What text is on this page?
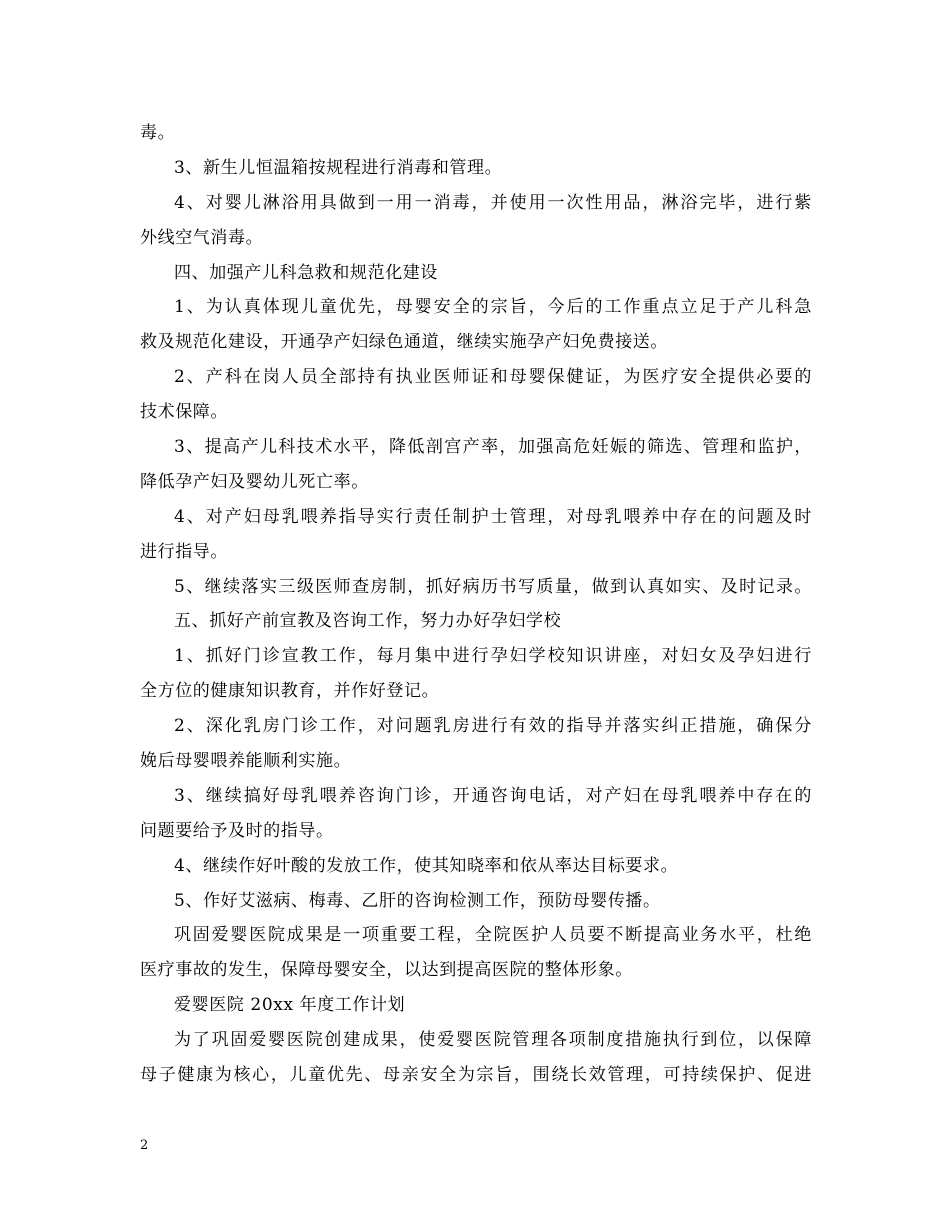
毒。
3、新生儿恒温箱按规程进行消毒和管理。
4、对婴儿淋浴用具做到一用一消毒，并使用一次性用品，淋浴完毕，进行紫
外线空气消毒。
四、加强产儿科急救和规范化建设
1、为认真体现儿童优先，母婴安全的宗旨，今后的工作重点立足于产儿科急
救及规范化建设，开通孕产妇绿色通道，继续实施孕产妇免费接送。
2、产科在岗人员全部持有执业医师证和母婴保健证，为医疗安全提供必要的
技术保障。
3、提高产儿科技术水平，降低剖宫产率，加强高危妊娠的筛选、管理和监护，
降低孕产妇及婴幼儿死亡率。
4、对产妇母乳喂养指导实行责任制护士管理，对母乳喂养中存在的问题及时
进行指导。
5、继续落实三级医师查房制，抓好病历书写质量，做到认真如实、及时记录。
五、抓好产前宣教及咨询工作，努力办好孕妇学校
1、抓好门诊宣教工作，每月集中进行孕妇学校知识讲座，对妇女及孕妇进行
全方位的健康知识教育，并作好登记。
2、深化乳房门诊工作，对问题乳房进行有效的指导并落实纠正措施，确保分
娩后母婴喂养能顺利实施。
3、继续搞好母乳喂养咨询门诊，开通咨询电话，对产妇在母乳喂养中存在的
问题要给予及时的指导。
4、继续作好叶酸的发放工作，使其知晓率和依从率达目标要求。
5、作好艾滋病、梅毒、乙肝的咨询检测工作，预防母婴传播。
巩固爱婴医院成果是一项重要工程，全院医护人员要不断提高业务水平，杜绝
医疗事故的发生，保障母婴安全，以达到提高医院的整体形象。
爱婴医院 20xx 年度工作计划
为了巩固爱婴医院创建成果，使爱婴医院管理各项制度措施执行到位，以保障
母子健康为核心，儿童优先、母亲安全为宗旨，围绕长效管理，可持续保护、促进
2
